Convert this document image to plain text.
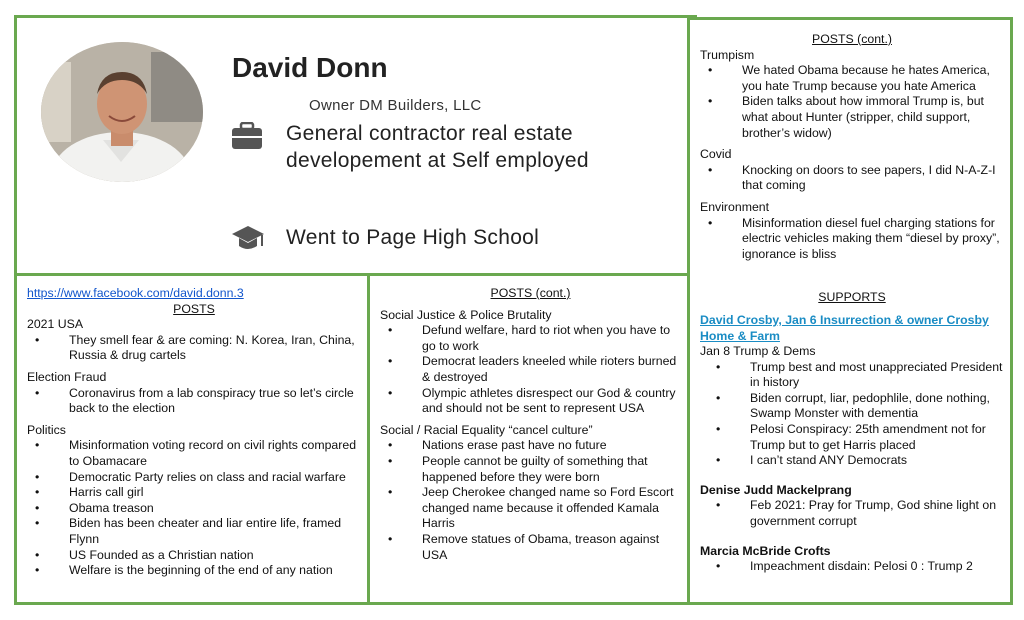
David Donn
Owner DM Builders, LLC
General contractor real estate developement at Self employed
Went to Page High School
https://www.facebook.com/david.donn.3
POSTS
2021 USA
• They smell fear & are coming: N. Korea, Iran, China, Russia & drug cartels
Election Fraud
• Coronavirus from a lab conspiracy true so let’s circle back to the election
Politics
• Misinformation voting record on civil rights compared to Obamacare
• Democratic Party relies on class and racial warfare
• Harris call girl
• Obama treason
• Biden has been cheater and liar entire life, framed Flynn
• US Founded as a Christian nation
• Welfare is the beginning of the end of any nation
POSTS (cont.)
Social Justice & Police Brutality
• Defund welfare, hard to riot when you have to go to work
• Democrat leaders kneeled while rioters burned & destroyed
• Olympic athletes disrespect our God & country and should not be sent to represent USA
Social / Racial Equality “cancel culture”
• Nations erase past have no future
• People cannot be guilty of something that happened before they were born
• Jeep Cherokee changed name so Ford Escort changed name because it offended Kamala Harris
• Remove statues of Obama, treason against USA
POSTS (cont.)
Trumpism
• We hated Obama because he hates America, you hate Trump because you hate America
• Biden talks about how immoral Trump is, but what about Hunter (stripper, child support, brother’s widow)
Covid
• Knocking on doors to see papers, I did N-A-Z-I that coming
Environment
• Misinformation diesel fuel charging stations for electric vehicles making them “diesel by proxy”, ignorance is bliss
SUPPORTS
David Crosby, Jan 6 Insurrection & owner Crosby Home & Farm
Jan 8 Trump & Dems
• Trump best and most unappreciated President in history
• Biden corrupt, liar, pedophlile, done nothing, Swamp Monster with dementia
• Pelosi Conspiracy: 25th amendment not for Trump but to get Harris placed
• I can’t stand ANY Democrats
Denise Judd Mackelprang
• Feb 2021: Pray for Trump, God shine light on government corrupt
Marcia McBride Crofts
• Impeachment disdain: Pelosi 0 : Trump 2
